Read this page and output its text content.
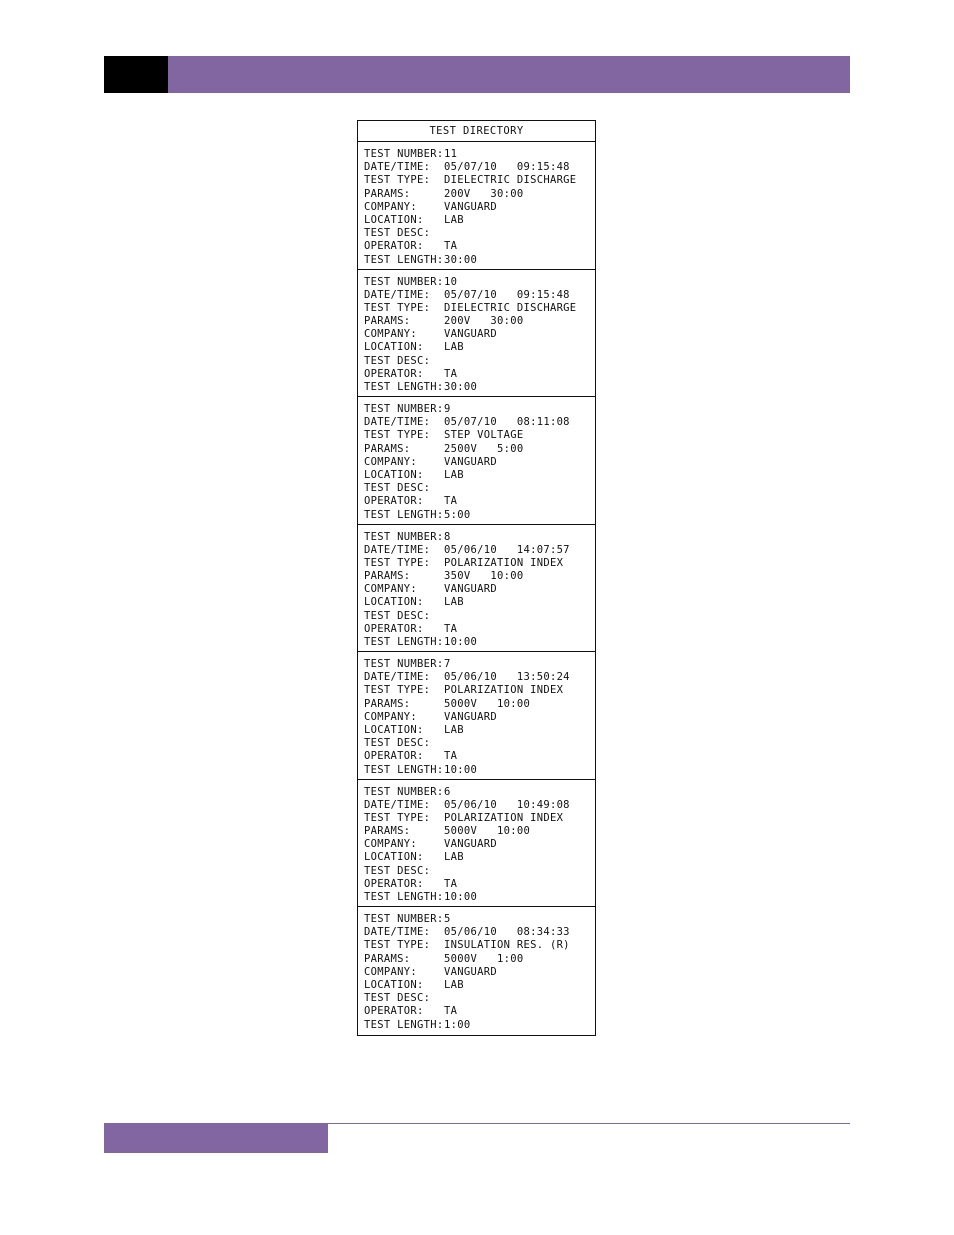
TEST DIRECTORY
TEST NUMBER: 11
DATE/TIME:	05/07/10   09:15:48
TEST TYPE:	DIELECTRIC DISCHARGE
PARAMS:	200V   30:00
COMPANY:	VANGUARD
LOCATION:	LAB
TEST DESC:
OPERATOR:	TA
TEST LENGTH: 30:00
TEST NUMBER: 10
DATE/TIME:	05/07/10   09:15:48
TEST TYPE:	DIELECTRIC DISCHARGE
PARAMS:	200V   30:00
COMPANY:	VANGUARD
LOCATION:	LAB
TEST DESC:
OPERATOR:	TA
TEST LENGTH: 30:00
TEST NUMBER: 9
DATE/TIME:	05/07/10   08:11:08
TEST TYPE:	STEP VOLTAGE
PARAMS:	2500V   5:00
COMPANY:	VANGUARD
LOCATION:	LAB
TEST DESC:
OPERATOR:	TA
TEST LENGTH: 5:00
TEST NUMBER: 8
DATE/TIME:	05/06/10   14:07:57
TEST TYPE:	POLARIZATION INDEX
PARAMS:	350V   10:00
COMPANY:	VANGUARD
LOCATION:	LAB
TEST DESC:
OPERATOR:	TA
TEST LENGTH: 10:00
TEST NUMBER: 7
DATE/TIME:	05/06/10   13:50:24
TEST TYPE:	POLARIZATION INDEX
PARAMS:	5000V   10:00
COMPANY:	VANGUARD
LOCATION:	LAB
TEST DESC:
OPERATOR:	TA
TEST LENGTH: 10:00
TEST NUMBER: 6
DATE/TIME:	05/06/10   10:49:08
TEST TYPE:	POLARIZATION INDEX
PARAMS:	5000V   10:00
COMPANY:	VANGUARD
LOCATION:	LAB
TEST DESC:
OPERATOR:	TA
TEST LENGTH: 10:00
TEST NUMBER: 5
DATE/TIME:	05/06/10   08:34:33
TEST TYPE:	INSULATION RES. (R)
PARAMS:	5000V   1:00
COMPANY:	VANGUARD
LOCATION:	LAB
TEST DESC:
OPERATOR:	TA
TEST LENGTH: 1:00
